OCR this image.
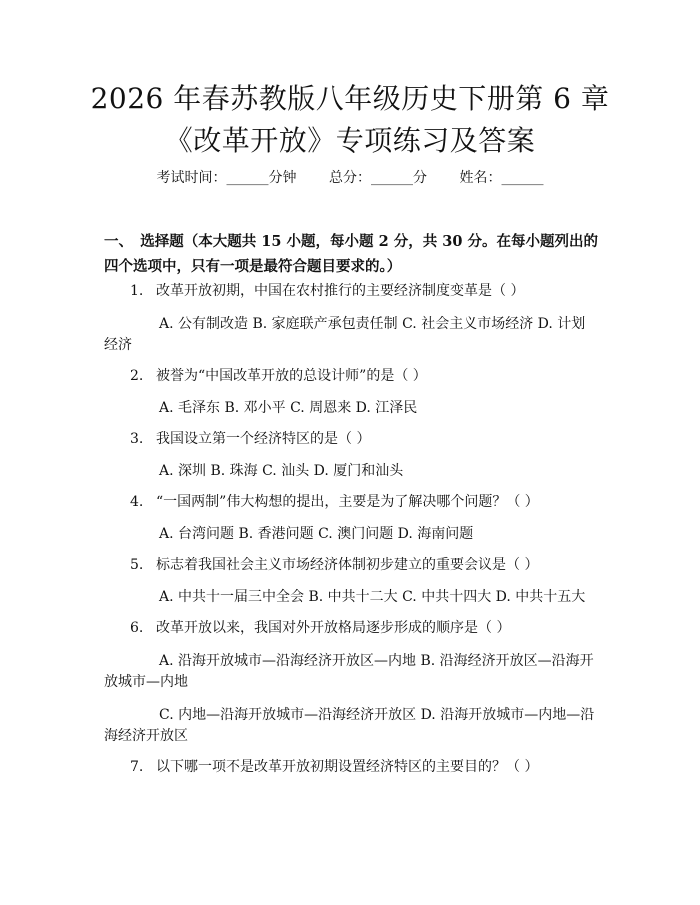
2026 年春苏教版八年级历史下册第 6 章《改革开放》专项练习及答案
考试时间：______分钟 总分：______分 姓名：______
一、　选择题（本大题共 15 小题，每小题 2 分，共 30 分。在每小题列出的四个选项中，只有一项是最符合题目要求的。）
1. 改革开放初期，中国在农村推行的主要经济制度变革是（ ）
A. 公有制改造 B. 家庭联产承包责任制 C. 社会主义市场经济 D. 计划
经济
2. 被誉为“中国改革开放的总设计师”的是（ ）
A. 毛泽东 B. 邓小平 C. 周恩来 D. 江泽民
3. 我国设立第一个经济特区的是（ ）
A. 深圳 B. 珠海 C. 汕头 D. 厦门和汕头
4. “一国两制”伟大构想的提出，主要是为了解决哪个问题？（ ）
A. 台湾问题 B. 香港问题 C. 澳门问题 D. 海南问题
5. 标志着我国社会主义市场经济体制初步建立的重要会议是（ ）
A. 中共十一届三中全会 B. 中共十二大 C. 中共十四大 D. 中共十五大
6. 改革开放以来，我国对外开放格局逐步形成的顺序是（ ）
A. 沿海开放城市—沿海经济开放区—内地 B. 沿海经济开放区—沿海开
放城市—内地
C. 内地—沿海开放城市—沿海经济开放区 D. 沿海开放城市—内地—沿
海经济开放区
7. 以下哪一项不是改革开放初期设置经济特区的主要目的？（ ）
